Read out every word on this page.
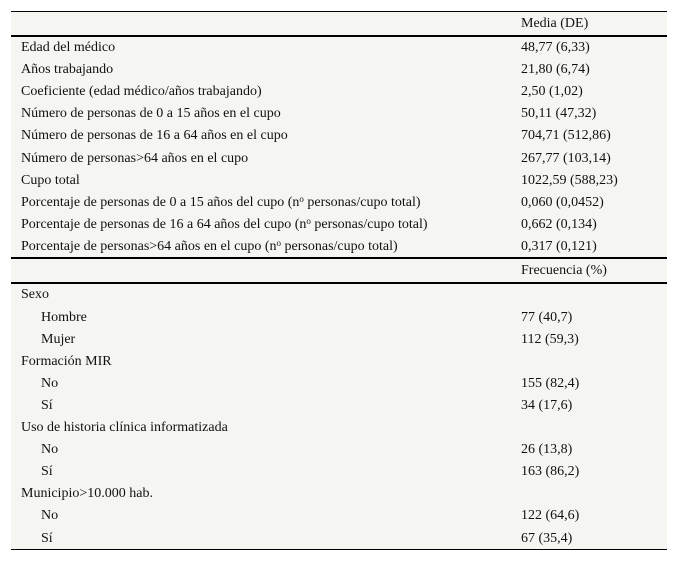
	Media (DE)
Edad del médico	48,77 (6,33)
Años trabajando	21,80 (6,74)
Coeficiente (edad médico/años trabajando)	2,50 (1,02)
Número de personas de 0 a 15 años en el cupo	50,11 (47,32)
Número de personas de 16 a 64 años en el cupo	704,71 (512,86)
Número de personas>64 años en el cupo	267,77 (103,14)
Cupo total	1022,59 (588,23)
Porcentaje de personas de 0 a 15 años del cupo ($n^o$ personas/cupo total)	0,060 (0,0452)
Porcentaje de personas de 16 a 64 años del cupo ($n^o$ personas/cupo total)	0,662 (0,134)
Porcentaje de personas>64 años en el cupo ($n^o$ personas/cupo total)	0,317 (0,121)
	Frecuencia (%)
Sexo	
Hombre	77 (40,7)
Mujer	112 (59,3)
Formación MIR	
No	155 (82,4)
Sí	34 (17,6)
Uso de historia clínica informatizada	
No	26 (13,8)
Sí	163 (86,2)
Municipio>10.000 hab.	
No	122 (64,6)
Sí	67 (35,4)
